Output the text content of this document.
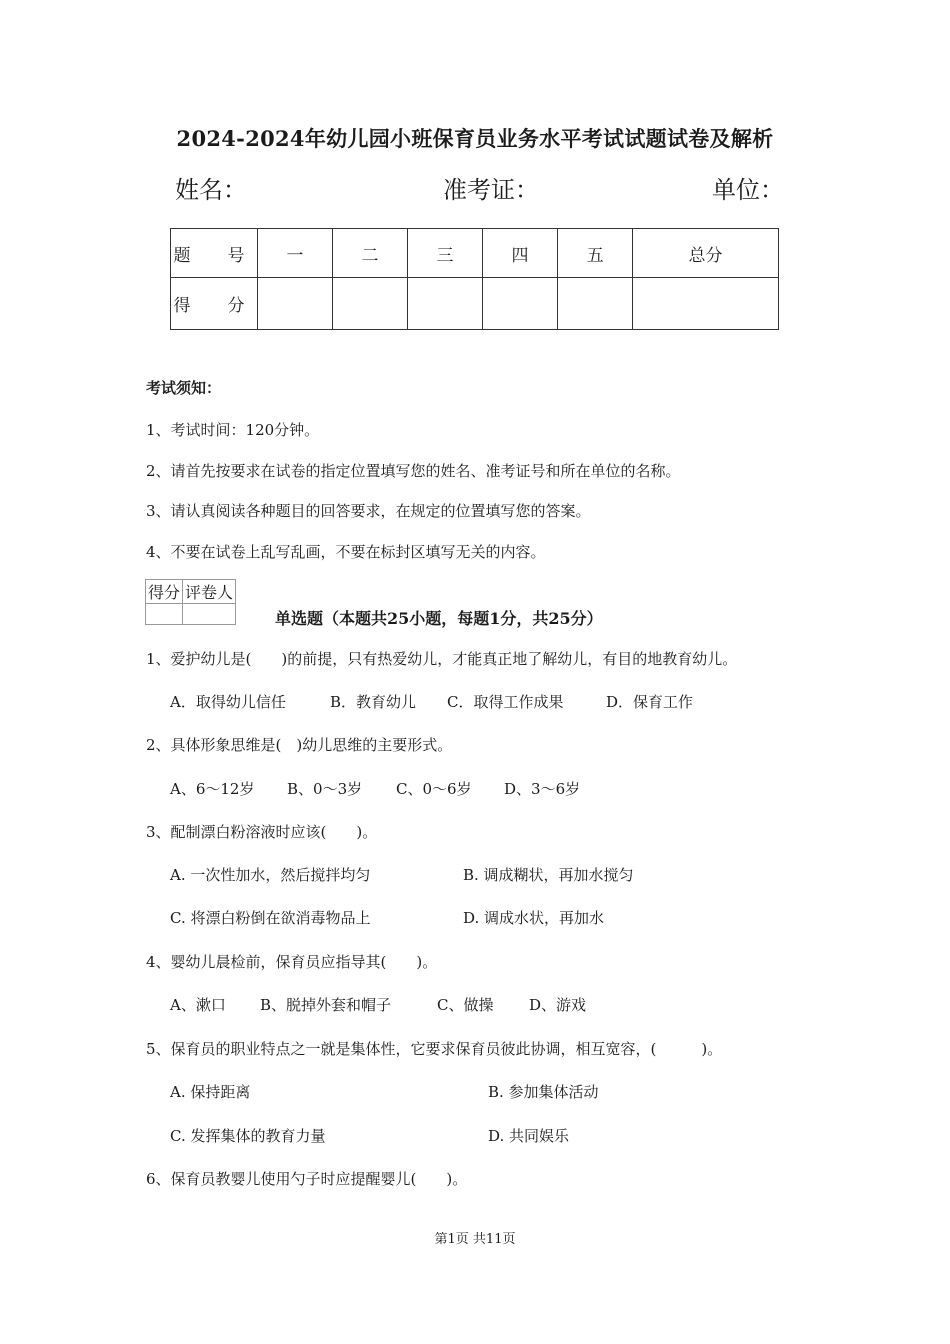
2024-2024年幼儿园小班保育员业务水平考试试题试卷及解析
姓名：	准考证：	单位：
题　号	一	二	三	四	五	总分
得　分						
考试须知：
1、考试时间：120分钟。
2、请首先按要求在试卷的指定位置填写您的姓名、准考证号和所在单位的名称。
3、请认真阅读各种题目的回答要求，在规定的位置填写您的答案。
4、不要在试卷上乱写乱画，不要在标封区填写无关的内容。
得分	评卷人

单选题（本题共25小题，每题1分，共25分）
1、爱护幼儿是(　　)的前提，只有热爱幼儿，才能真正地了解幼儿，有目的地教育幼儿。
A．取得幼儿信任	B．教育幼儿 C．取得工作成果	D．保育工作
2、具体形象思维是(　)幼儿思维的主要形式。
A、6～12岁 B、0～3岁 C、0～6岁 D、3～6岁
3、配制漂白粉溶液时应该(　　)。
A. 一次性加水，然后搅拌均匀	B. 调成糊状，再加水搅匀
C. 将漂白粉倒在欲消毒物品上	D. 调成水状，再加水
4、婴幼儿晨检前，保育员应指导其(　　)。
A、漱口 B、脱掉外套和帽子	C、做操 D、游戏
5、保育员的职业特点之一就是集体性，它要求保育员彼此协调，相互宽容，(　　　)。
A. 保持距离	B. 参加集体活动
C. 发挥集体的教育力量	D. 共同娱乐
6、保育员教婴儿使用勺子时应提醒婴儿(　　)。
第1页 共11页
